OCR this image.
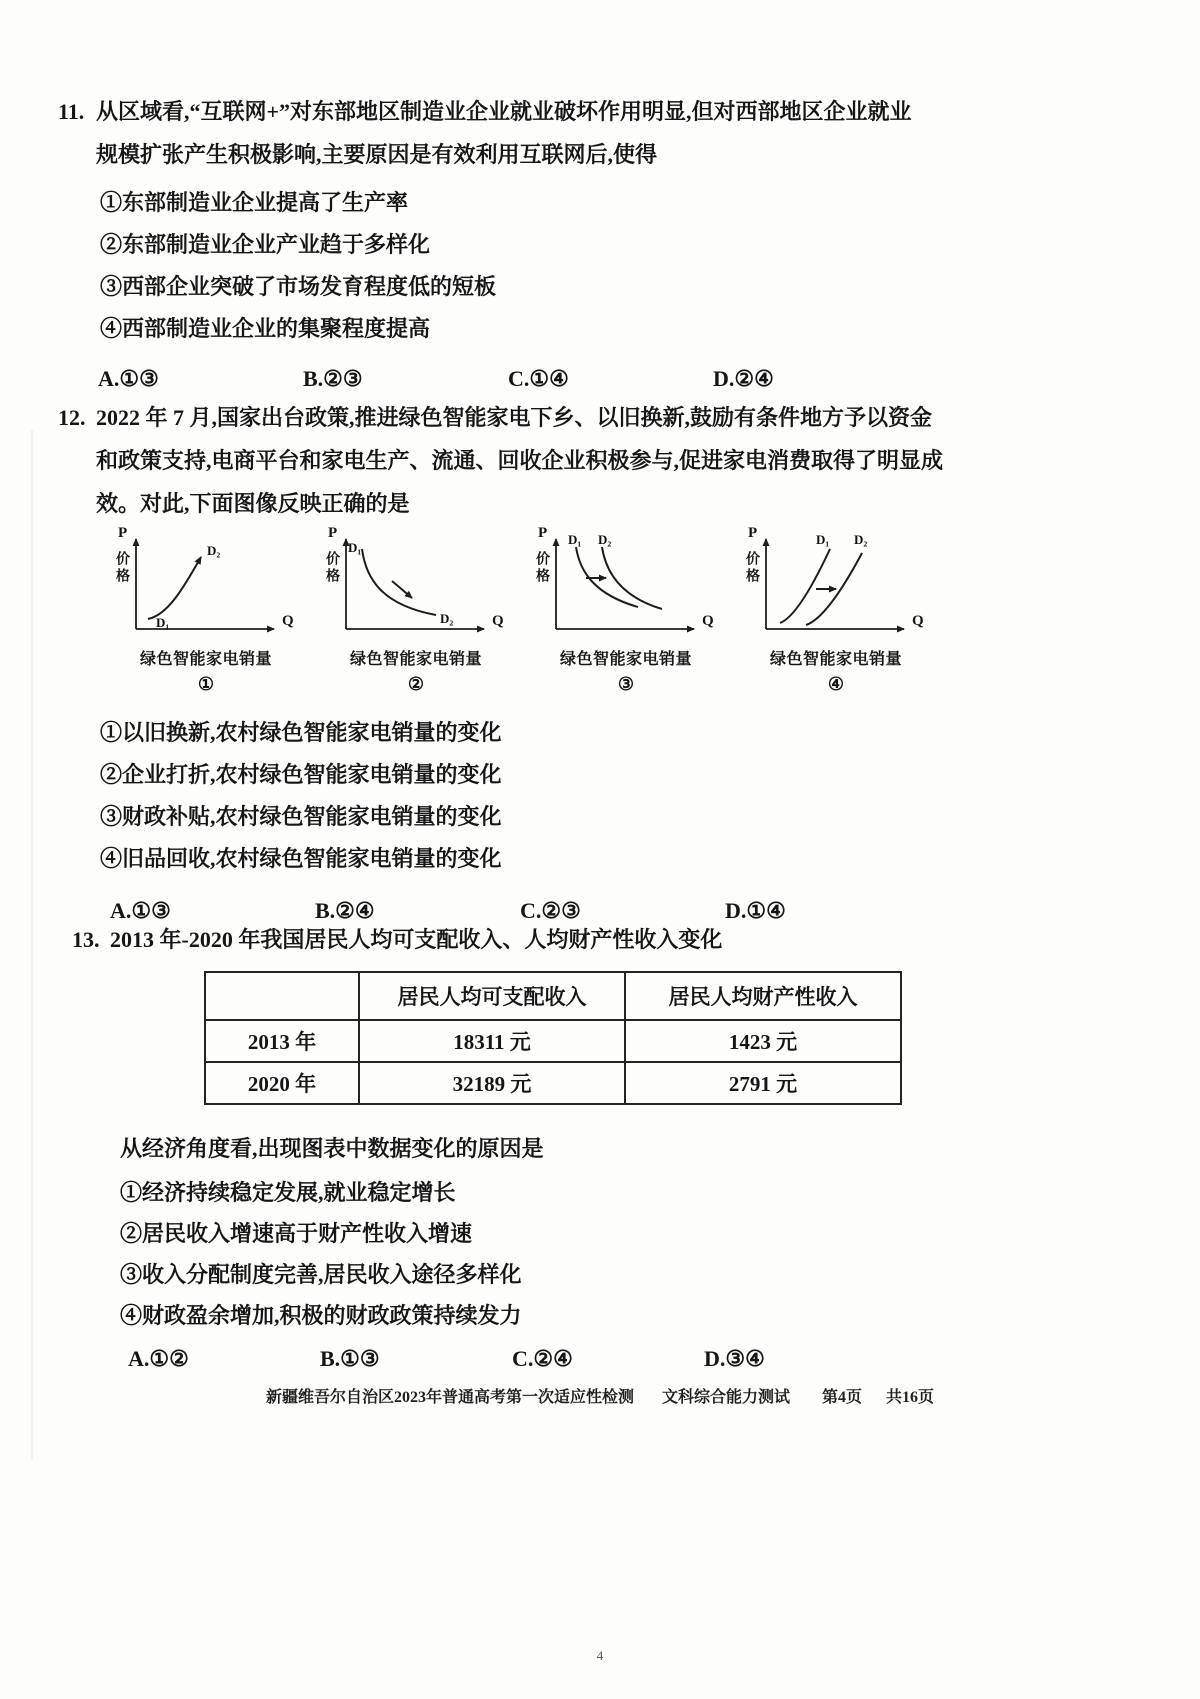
11. 从区域看,“互联网+”对东部地区制造业企业就业破坏作用明显,但对西部地区企业就业
规模扩张产生积极影响,主要原因是有效利用互联网后,使得
①东部制造业企业提高了生产率
②东部制造业企业产业趋于多样化
③西部企业突破了市场发育程度低的短板
④西部制造业企业的集聚程度提高
A.①③	B.②③	C.①④	D.②④
12. 2022 年 7 月,国家出台政策,推进绿色智能家电下乡、以旧换新,鼓励有条件地方予以资金
和政策支持,电商平台和家电生产、流通、回收企业积极参与,促进家电消费取得了明显成
效。对此,下面图像反映正确的是
P
价格
Q
D₁
D₂
绿色智能家电销量
①
P
价格
Q
D₁
D₂
绿色智能家电销量
②
P
价格
Q
D₁ D₂
绿色智能家电销量
③
P
价格
Q
D₁ D₂
绿色智能家电销量
④
①以旧换新,农村绿色智能家电销量的变化
②企业打折,农村绿色智能家电销量的变化
③财政补贴,农村绿色智能家电销量的变化
④旧品回收,农村绿色智能家电销量的变化
A.①③	B.②④	C.②③	D.①④
13. 2013 年-2020 年我国居民人均可支配收入、人均财产性收入变化
	居民人均可支配收入	居民人均财产性收入
2013 年	18311 元	1423 元
2020 年	32189 元	2791 元
从经济角度看,出现图表中数据变化的原因是
①经济持续稳定发展,就业稳定增长
②居民收入增速高于财产性收入增速
③收入分配制度完善,居民收入途径多样化
④财政盈余增加,积极的财政政策持续发力
A.①②	B.①③	C.②④	D.③④
新疆维吾尔自治区2023年普通高考第一次适应性检测 文科综合能力测试 第4页 共16页
4
